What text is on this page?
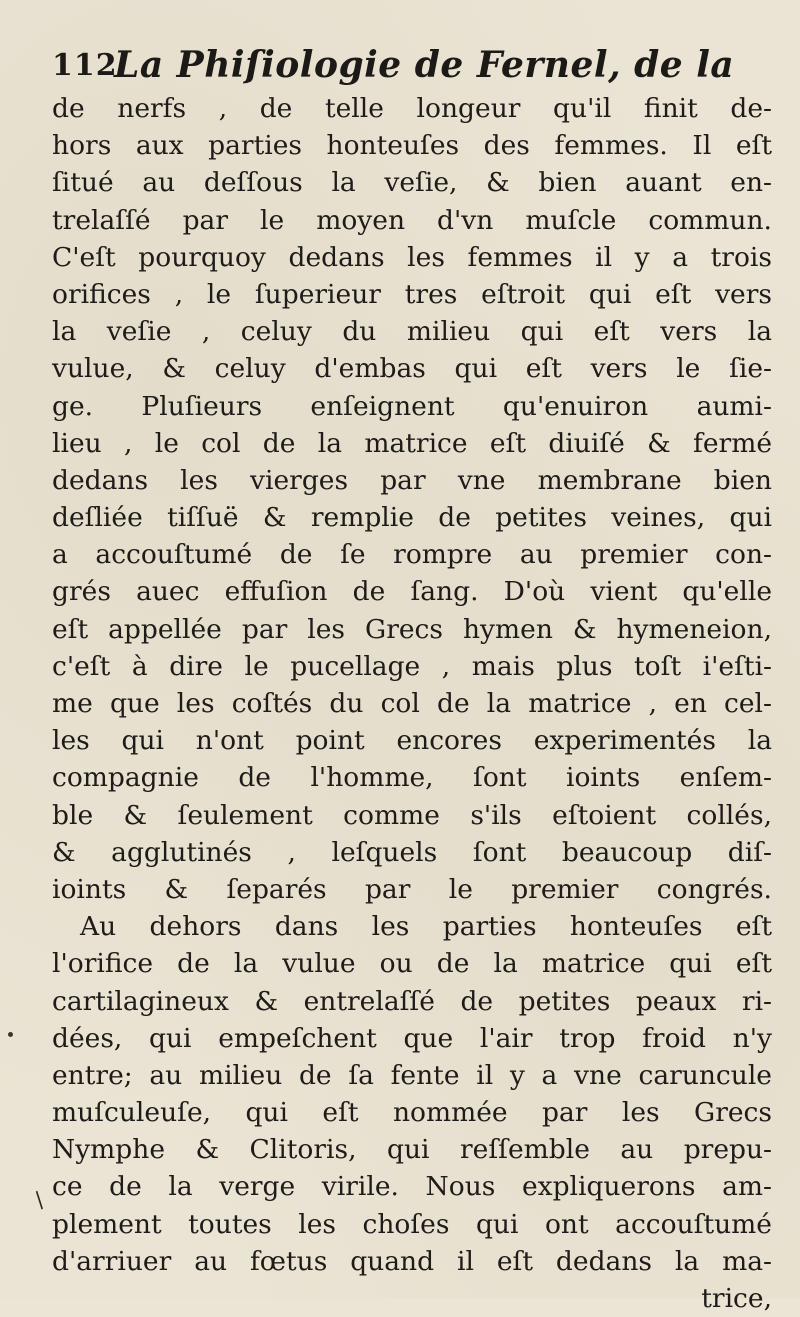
112
La Phiſiologie de Fernel, de la
de nerfs , de telle longeur qu'il finit de-
hors aux parties honteuſes des femmes. Il eſt
ſitué au deſſous la veſie, & bien auant en-
trelaſſé par le moyen d'vn muſcle commun.
C'eſt pourquoy dedans les femmes il y a trois
orifices , le ſuperieur tres eſtroit qui eſt vers
la veſie , celuy du milieu qui eſt vers la
vulue, & celuy d'embas qui eſt vers le ſie-
ge. Pluſieurs enſeignent qu'enuiron aumi-
lieu , le col de la matrice eſt diuiſé & fermé
dedans les vierges par vne membrane bien
deſliée tiſſuë & remplie de petites veines, qui
a accouſtumé de ſe rompre au premier con-
grés auec effuſion de ſang. D'où vient qu'elle
eſt appellée par les Grecs hymen & hymeneion,
c'eſt à dire le pucellage , mais plus toſt i'eſti-
me que les coſtés du col de la matrice , en cel-
les qui n'ont point encores experimentés la
compagnie de l'homme, ſont ioints enſem-
ble & ſeulement comme s'ils eſtoient collés,
& agglutinés , leſquels ſont beaucoup diſ-
ioints & ſeparés par le premier congrés.
Au dehors dans les parties honteuſes eſt
l'orifice de la vulue ou de la matrice qui eſt
cartilagineux & entrelaſſé de petites peaux ri-
dées, qui empeſchent que l'air trop froid n'y
entre; au milieu de ſa fente il y a vne caruncule
muſculeuſe, qui eſt nommée par les Grecs
Nymphe & Clitoris, qui reſſemble au prepu-
ce de la verge virile. Nous expliquerons am-
plement toutes les choſes qui ont accouſtumé
d'arriuer au fœtus quand il eſt dedans la ma-
trice,
/
